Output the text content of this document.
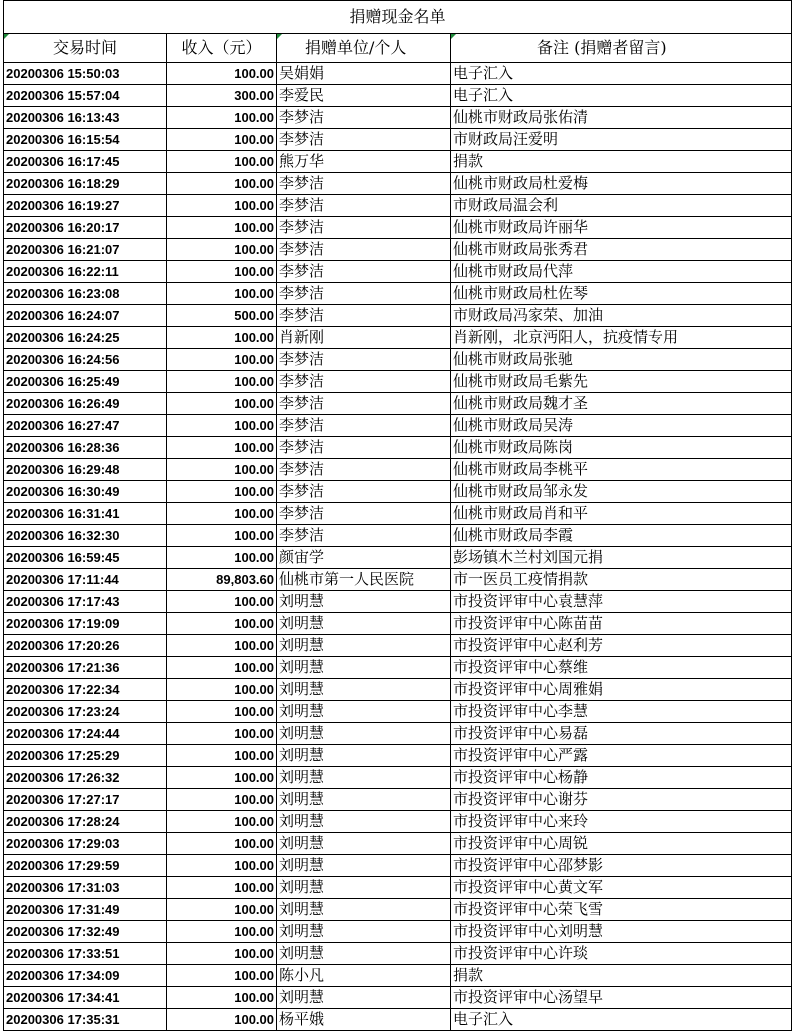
捐赠现金名单			

交易时间	收入（元）	捐赠单位/个人	备注 (捐赠者留言)
20200306 15:50:03	100.00	吴娟娟	电子汇入
20200306 15:57:04	300.00	李爱民	电子汇入
20200306 16:13:43	100.00	李梦洁	仙桃市财政局张佑清
20200306 16:15:54	100.00	李梦洁	市财政局汪爱明
20200306 16:17:45	100.00	熊万华	捐款
20200306 16:18:29	100.00	李梦洁	仙桃市财政局杜爱梅
20200306 16:19:27	100.00	李梦洁	市财政局温会利
20200306 16:20:17	100.00	李梦洁	仙桃市财政局许丽华
20200306 16:21:07	100.00	李梦洁	仙桃市财政局张秀君
20200306 16:22:11	100.00	李梦洁	仙桃市财政局代萍
20200306 16:23:08	100.00	李梦洁	仙桃市财政局杜佐琴
20200306 16:24:07	500.00	李梦洁	市财政局冯家荣、加油
20200306 16:24:25	100.00	肖新刚	肖新刚，北京沔阳人，抗疫情专用
20200306 16:24:56	100.00	李梦洁	仙桃市财政局张驰
20200306 16:25:49	100.00	李梦洁	仙桃市财政局毛紫先
20200306 16:26:49	100.00	李梦洁	仙桃市财政局魏才圣
20200306 16:27:47	100.00	李梦洁	仙桃市财政局吴涛
20200306 16:28:36	100.00	李梦洁	仙桃市财政局陈岗
20200306 16:29:48	100.00	李梦洁	仙桃市财政局李桃平
20200306 16:30:49	100.00	李梦洁	仙桃市财政局邹永发
20200306 16:31:41	100.00	李梦洁	仙桃市财政局肖和平
20200306 16:32:30	100.00	李梦洁	仙桃市财政局李霞
20200306 16:59:45	100.00	颜宙学	彭场镇木兰村刘国元捐
20200306 17:11:44	89,803.60	仙桃市第一人民医院	市一医员工疫情捐款
20200306 17:17:43	100.00	刘明慧	市投资评审中心袁慧萍
20200306 17:19:09	100.00	刘明慧	市投资评审中心陈苗苗
20200306 17:20:26	100.00	刘明慧	市投资评审中心赵利芳
20200306 17:21:36	100.00	刘明慧	市投资评审中心蔡维
20200306 17:22:34	100.00	刘明慧	市投资评审中心周雅娟
20200306 17:23:24	100.00	刘明慧	市投资评审中心李慧
20200306 17:24:44	100.00	刘明慧	市投资评审中心易磊
20200306 17:25:29	100.00	刘明慧	市投资评审中心严露
20200306 17:26:32	100.00	刘明慧	市投资评审中心杨静
20200306 17:27:17	100.00	刘明慧	市投资评审中心谢芬
20200306 17:28:24	100.00	刘明慧	市投资评审中心来玲
20200306 17:29:03	100.00	刘明慧	市投资评审中心周锐
20200306 17:29:59	100.00	刘明慧	市投资评审中心邵梦影
20200306 17:31:03	100.00	刘明慧	市投资评审中心黄文军
20200306 17:31:49	100.00	刘明慧	市投资评审中心荣飞雪
20200306 17:32:49	100.00	刘明慧	市投资评审中心刘明慧
20200306 17:33:51	100.00	刘明慧	市投资评审中心许琰
20200306 17:34:09	100.00	陈小凡	捐款
20200306 17:34:41	100.00	刘明慧	市投资评审中心汤望早
20200306 17:35:31	100.00	杨平娥	电子汇入
